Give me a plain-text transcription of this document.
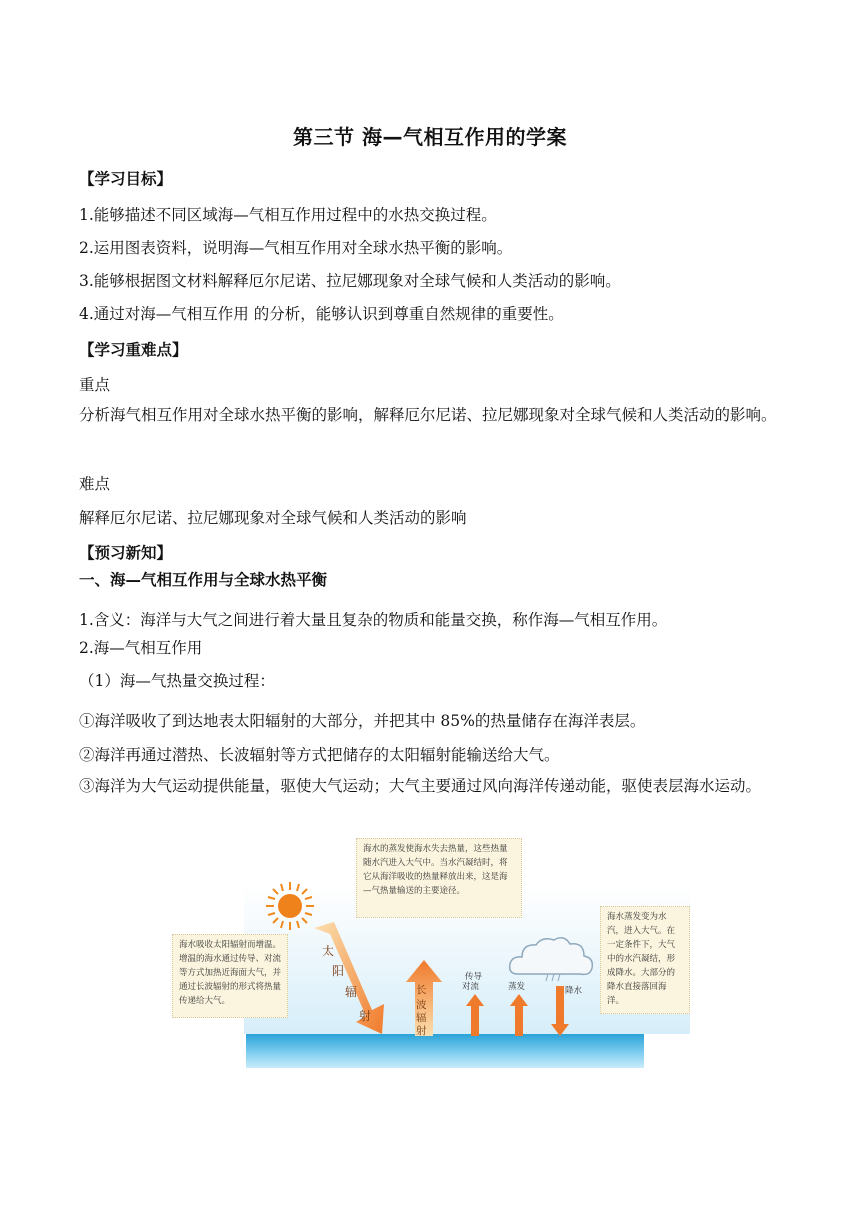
第三节 海—气相互作用的学案
【学习目标】
1.能够描述不同区域海—气相互作用过程中的水热交换过程。
2.运用图表资料，说明海—气相互作用对全球水热平衡的影响。
3.能够根据图文材料解释厄尔尼诺、拉尼娜现象对全球气候和人类活动的影响。
4.通过对海—气相互作用 的分析，能够认识到尊重自然规律的重要性。
【学习重难点】
重点
分析海气相互作用对全球水热平衡的影响，解释厄尔尼诺、拉尼娜现象对全球气候和人类活动的影响。
难点
解释厄尔尼诺、拉尼娜现象对全球气候和人类活动的影响
【预习新知】
一、海—气相互作用与全球水热平衡
1.含义：海洋与大气之间进行着大量且复杂的物质和能量交换，称作海—气相互作用。
2.海—气相互作用
（1）海—气热量交换过程：
①海洋吸收了到达地表太阳辐射的大部分，并把其中 85%的热量储存在海洋表层。
②海洋再通过潜热、长波辐射等方式把储存的太阳辐射能输送给大气。
③海洋为大气运动提供能量，驱使大气运动；大气主要通过风向海洋传递动能，驱使表层海水运动。
太
阳
辐
射
长
波
辐
射
传导
对流	蒸发	降水
海水的蒸发使海水失去热量，这些热量随水汽进入大气中。当水汽凝结时，将它从海洋吸收的热量释放出来，这是海—气热量输送的主要途径。
海水吸收太阳辐射而增温。增温的海水通过传导、对流等方式加热近海面大气，并通过长波辐射的形式将热量传递给大气。
海水蒸发变为水汽，进入大气。在一定条件下，大气中的水汽凝结，形成降水。大部分的降水直接落回海洋。
